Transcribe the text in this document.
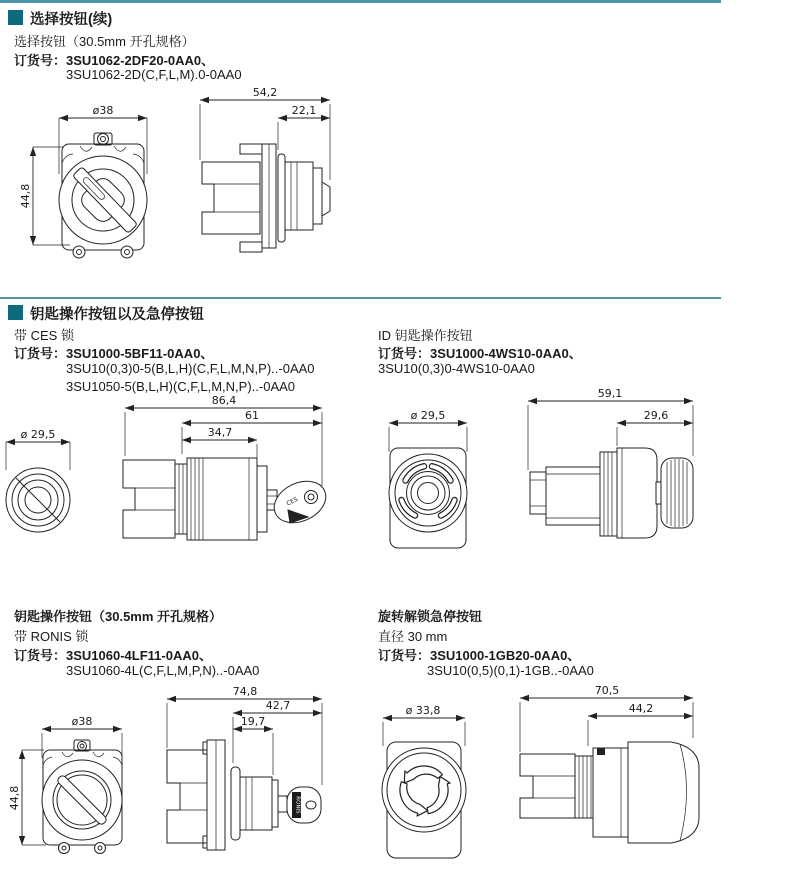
选择按钮(续)
选择按钮（30.5mm 开孔规格）
订货号：3SU1062-2DF20-0AA0、
3SU1062-2D(C,F,L,M).0-0AA0
ø38
44,8
54,2
22,1
钥匙操作按钮以及急停按钮
带 CES 锁
订货号：3SU1000-5BF11-0AA0、
3SU10(0,3)0-5(B,L,H)(C,F,L,M,N,P)..-0AA0
3SU1050-5(B,L,H)(C,F,L,M,N,P)..-0AA0
ID 钥匙操作按钮
订货号：3SU1000-4WS10-0AA0、
3SU10(0,3)0-4WS10-0AA0
ø 29,5
86,4
61
34,7
CES
ø 29,5
59,1
29,6
钥匙操作按钮（30.5mm 开孔规格）
带 RONIS 锁
订货号：3SU1060-4LF11-0AA0、
3SU1060-4L(C,F,L,M,P,N)..-0AA0
旋转解锁急停按钮
直径 30 mm
订货号：3SU1000-1GB20-0AA0、
3SU10(0,5)(0,1)-1GB..-0AA0
ø38
44,8
74,8
42,7
19,7
RONIS
ø 33,8
70,5
44,2
